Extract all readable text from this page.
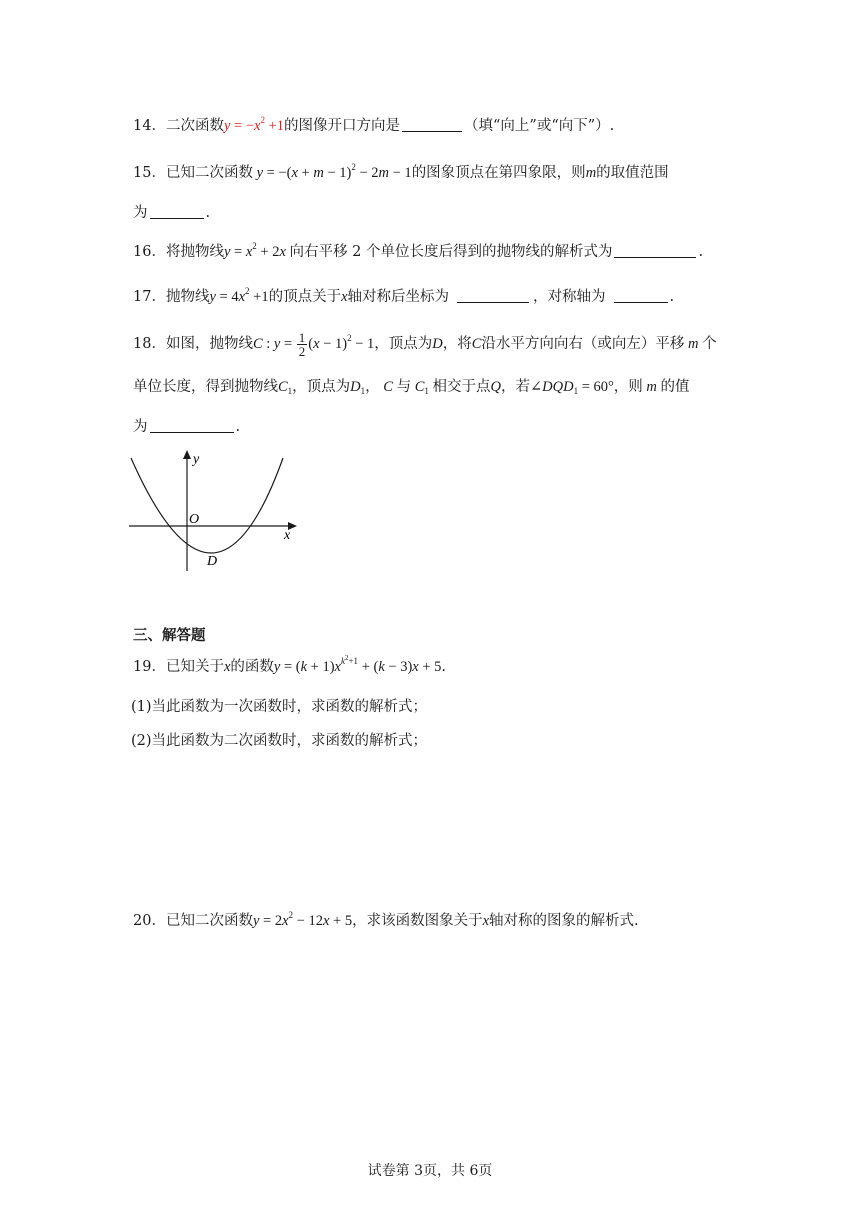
14．二次函数$y = -x^2 +1$的图像开口方向是	（填“向上”或“向下”）.
15．已知二次函数 $y = -(x + m - 1)^2 - 2m - 1$的图象顶点在第四象限，则m的取值范围
为	.
16．将抛物线$y = x^2 + 2x$ 向右平移 2 个单位长度后得到的抛物线的解析式为	.
17．抛物线$y = 4x^2 +1$的顶点关于x轴对称后坐标为	，对称轴为	.
18．如图，抛物线C : $y = \frac{1}{2} (x - 1)^2 - 1$，顶点为D，将C沿水平方向向右（或向左）平移 m 个
单位长度，得到抛物线$C_1$，顶点为$D_1$， C 与 $C_1$ 相交于点Q，若$\angle DQD_1 = 60^\circ$，则 m 的值
为	.
y
O
x
D
三、解答题
19．已知关于x的函数$y = (k + 1)x^{k^2+1} + (k - 3)x + 5$.
(1)当此函数为一次函数时，求函数的解析式；
(2)当此函数为二次函数时，求函数的解析式；
20．已知二次函数$y = 2x^2 - 12x + 5$，求该函数图象关于x轴对称的图象的解析式.
试卷第 3页，共 6页
